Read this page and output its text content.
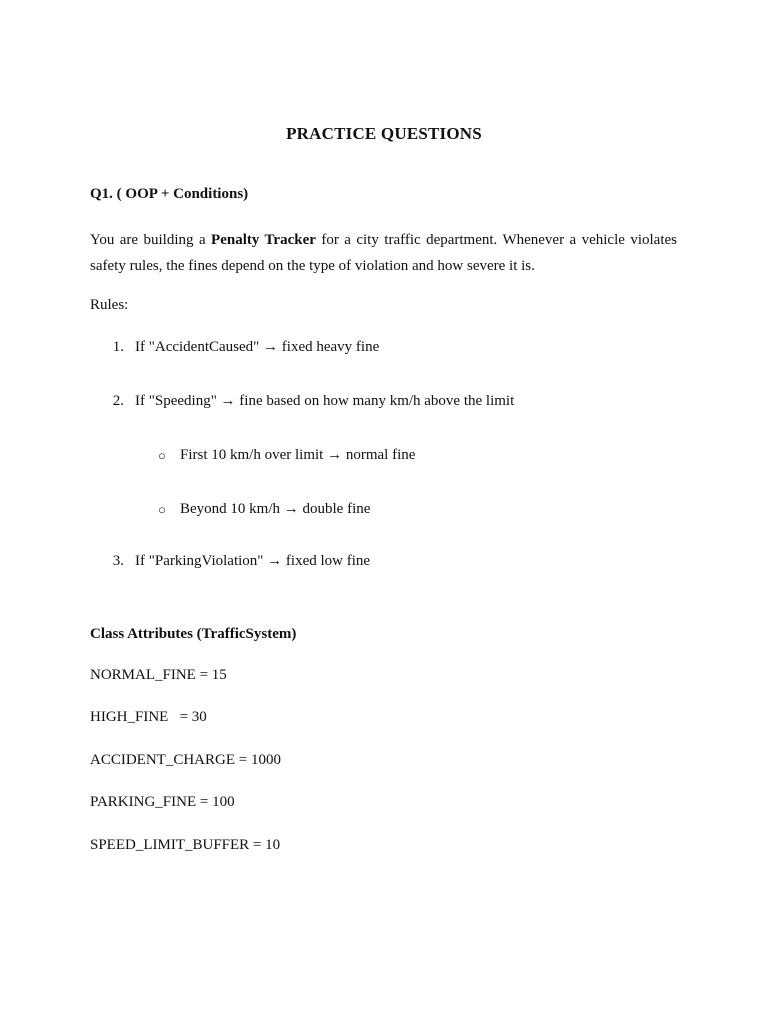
PRACTICE QUESTIONS
Q1. ( OOP + Conditions)
You are building a Penalty Tracker for a city traffic department. Whenever a vehicle violates safety rules, the fines depend on the type of violation and how severe it is.
Rules:
1. If "AccidentCaused" → fixed heavy fine
2. If "Speeding" → fine based on how many km/h above the limit
○ First 10 km/h over limit → normal fine
○ Beyond 10 km/h → double fine
3. If "ParkingViolation" → fixed low fine
Class Attributes (TrafficSystem)
NORMAL_FINE = 15
HIGH_FINE   = 30
ACCIDENT_CHARGE = 1000
PARKING_FINE = 100
SPEED_LIMIT_BUFFER = 10
